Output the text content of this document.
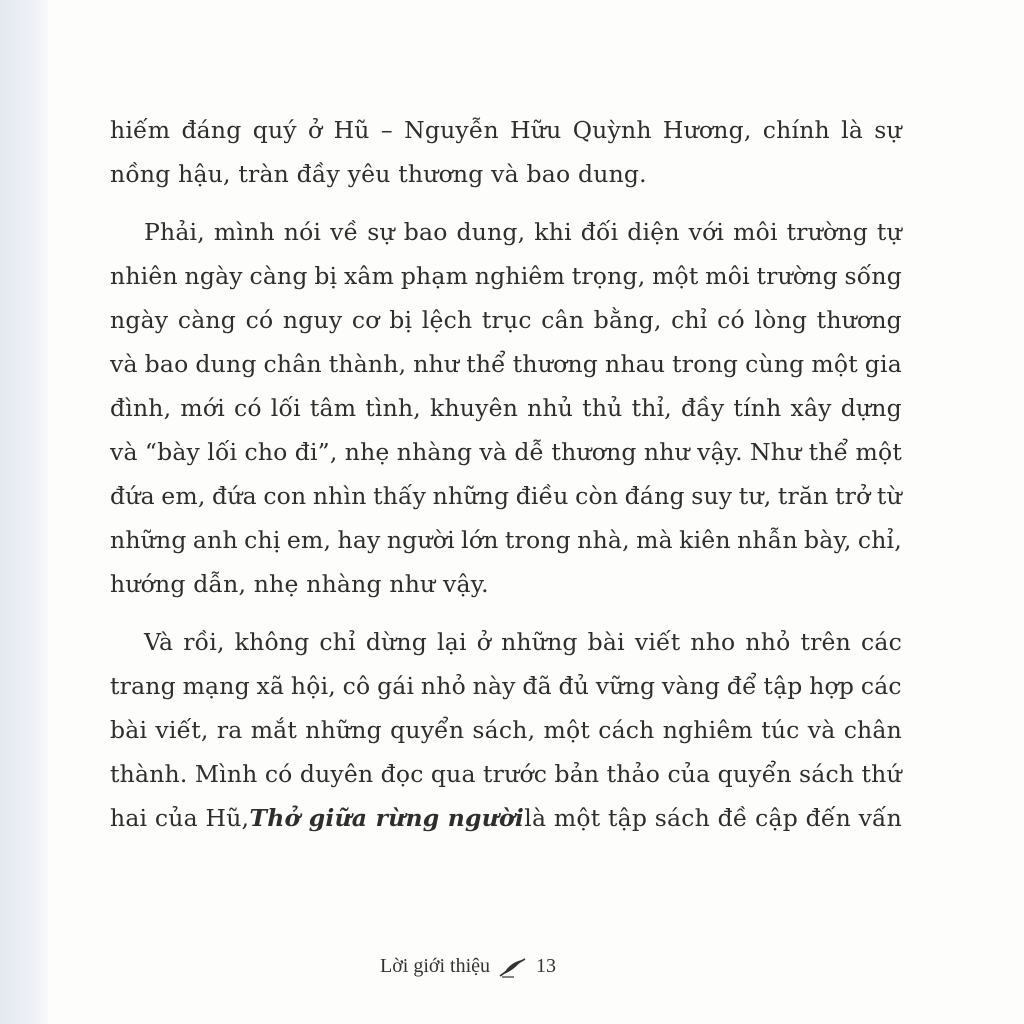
hiếm đáng quý ở Hũ – Nguyễn Hữu Quỳnh Hương, chính là sự
nồng hậu, tràn đầy yêu thương và bao dung.
Phải, mình nói về sự bao dung, khi đối diện với môi trường tự
nhiên ngày càng bị xâm phạm nghiêm trọng, một môi trường sống
ngày càng có nguy cơ bị lệch trục cân bằng, chỉ có lòng thương
và bao dung chân thành, như thể thương nhau trong cùng một gia
đình, mới có lối tâm tình, khuyên nhủ thủ thỉ, đầy tính xây dựng
và “bày lối cho đi”, nhẹ nhàng và dễ thương như vậy. Như thể một
đứa em, đứa con nhìn thấy những điều còn đáng suy tư, trăn trở từ
những anh chị em, hay người lớn trong nhà, mà kiên nhẫn bày, chỉ,
hướng dẫn, nhẹ nhàng như vậy.
Và rồi, không chỉ dừng lại ở những bài viết nho nhỏ trên các
trang mạng xã hội, cô gái nhỏ này đã đủ vững vàng để tập hợp các
bài viết, ra mắt những quyển sách, một cách nghiêm túc và chân
thành. Mình có duyên đọc qua trước bản thảo của quyển sách thứ
hai của Hũ, Thở giữa rừng người là một tập sách đề cập đến vấn
Lời giới thiệu 13
